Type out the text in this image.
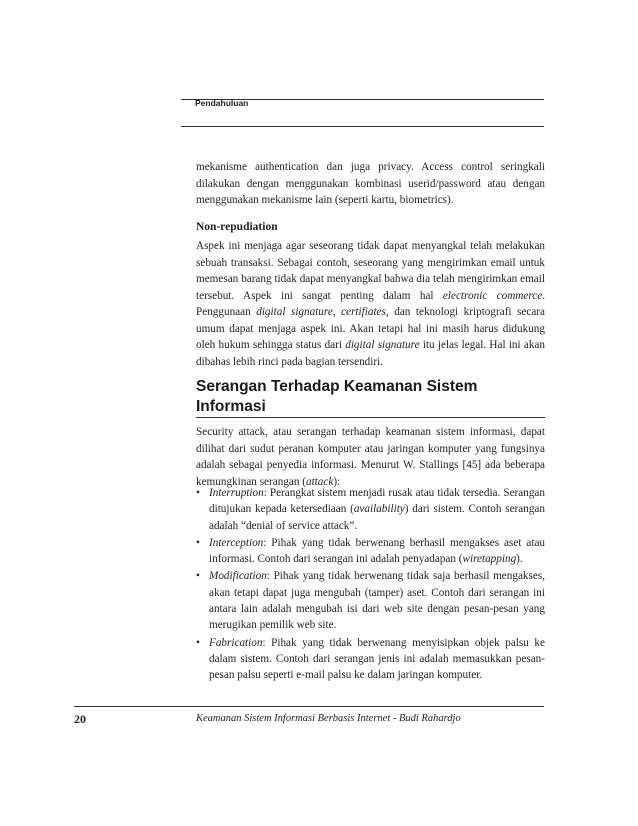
Pendahuluan

mekanisme authentication dan juga privacy. Access control seringkali dilakukan dengan menggunakan kombinasi userid/password atau dengan menggunakan mekanisme lain (seperti kartu, biometrics).

Non-repudiation

Aspek ini menjaga agar seseorang tidak dapat menyangkal telah melakukan sebuah transaksi. Sebagai contoh, seseorang yang mengirimkan email untuk memesan barang tidak dapat menyangkal bahwa dia telah mengirimkan email tersebut. Aspek ini sangat penting dalam hal electronic commerce. Penggunaan digital signature, certifiates, dan teknologi kriptografi secara umum dapat menjaga aspek ini. Akan tetapi hal ini masih harus didukung oleh hukum sehingga status dari digital signature itu jelas legal. Hal ini akan dibahas lebih rinci pada bagian tersendiri.

Serangan Terhadap Keamanan Sistem
Informasi

Security attack, atau serangan terhadap keamanan sistem informasi, dapat dilihat dari sudut peranan komputer atau jaringan komputer yang fungsinya adalah sebagai penyedia informasi. Menurut W. Stallings [45] ada beberapa kemungkinan serangan (attack):

• Interruption: Perangkat sistem menjadi rusak atau tidak tersedia. Serangan ditujukan kepada ketersediaan (availability) dari sistem. Contoh serangan adalah “denial of service attack”.
• Interception: Pihak yang tidak berwenang berhasil mengakses aset atau informasi. Contoh dari serangan ini adalah penyadapan (wiretapping).
• Modification: Pihak yang tidak berwenang tidak saja berhasil mengakses, akan tetapi dapat juga mengubah (tamper) aset. Contoh dari serangan ini antara lain adalah mengubah isi dari web site dengan pesan-pesan yang merugikan pemilik web site.
• Fabrication: Pihak yang tidak berwenang menyisipkan objek palsu ke dalam sistem. Contoh dari serangan jenis ini adalah memasukkan pesan-pesan palsu seperti e-mail palsu ke dalam jaringan komputer.

20	Keamanan Sistem Informasi Berbasis Internet - Budi Rahardjo
